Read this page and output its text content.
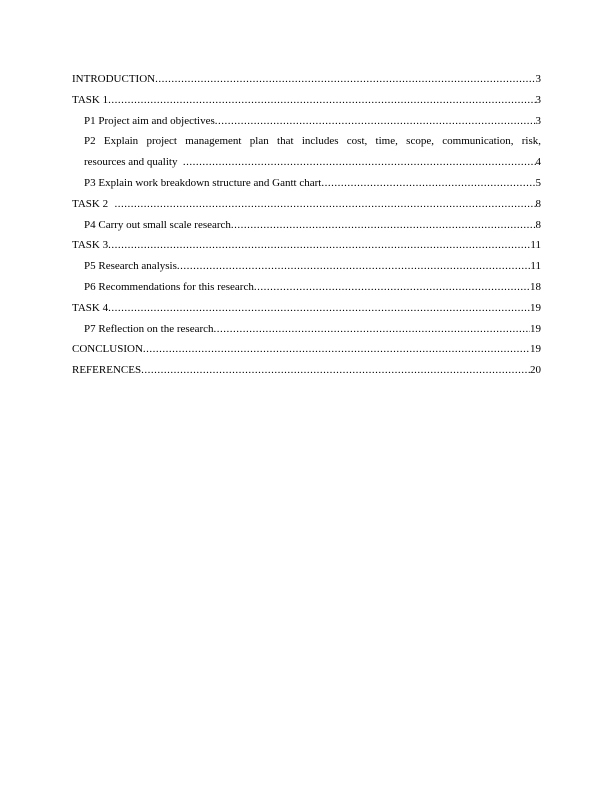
INTRODUCTION .....	3
TASK 1 .....	3
P1 Project aim and objectives .....	3
P2 Explain project management plan that includes cost, time, scope, communication, risk,
resources and quality .....	4
P3 Explain work breakdown structure and Gantt chart .....	5
TASK 2 .....	8
P4 Carry out small scale research .....	8
TASK 3 .....	11
P5 Research analysis .....	11
P6 Recommendations for this research .....	18
TASK 4 .....	19
P7 Reflection on the research .....	19
CONCLUSION .....	19
REFERENCES .....	20
